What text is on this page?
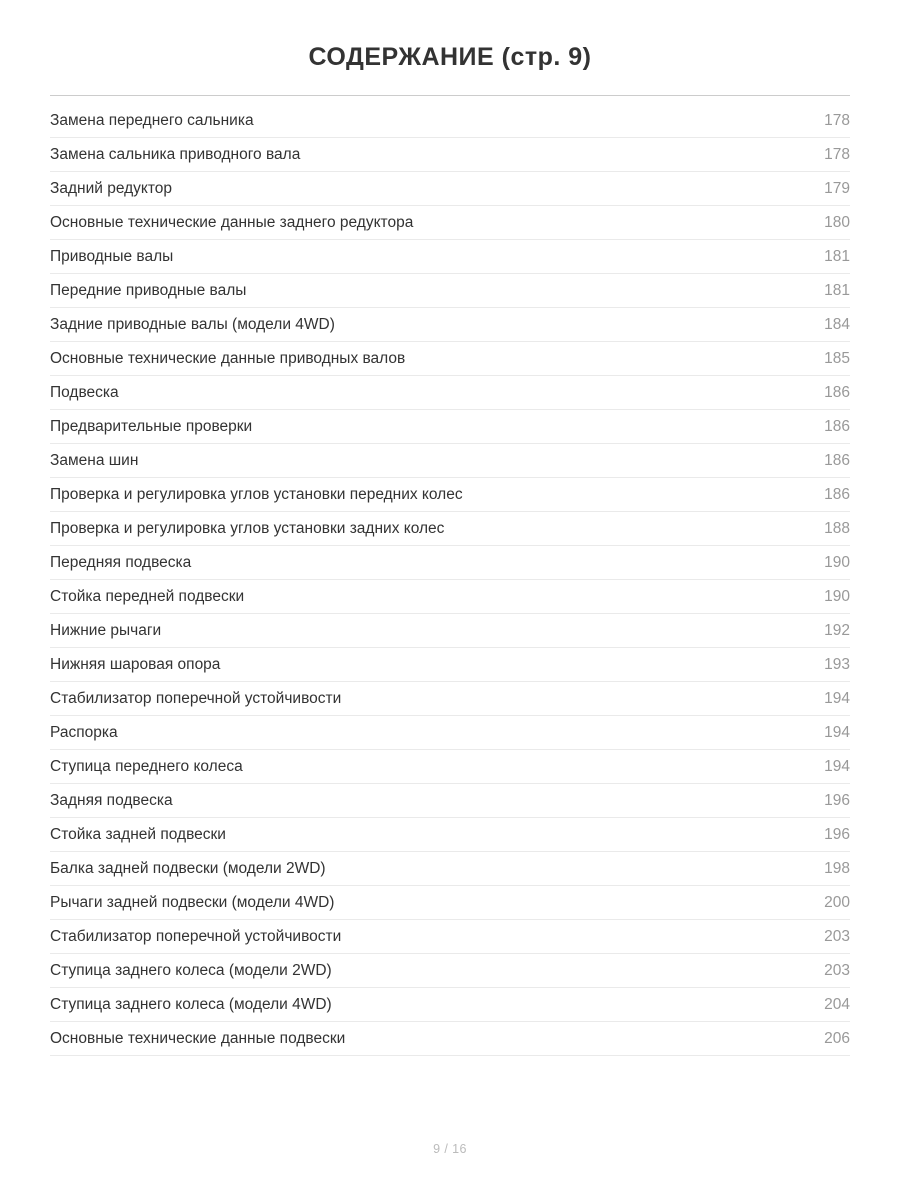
СОДЕРЖАНИЕ (стр. 9)
Замена переднего сальника	178
Замена сальника приводного вала	178
Задний редуктор	179
Основные технические данные заднего редуктора	180
Приводные валы	181
Передние приводные валы	181
Задние приводные валы (модели 4WD)	184
Основные технические данные приводных валов	185
Подвеска	186
Предварительные проверки	186
Замена шин	186
Проверка и регулировка углов установки передних колес	186
Проверка и регулировка углов установки задних колес	188
Передняя подвеска	190
Стойка передней подвески	190
Нижние рычаги	192
Нижняя шаровая опора	193
Стабилизатор поперечной устойчивости	194
Распорка	194
Ступица переднего колеса	194
Задняя подвеска	196
Стойка задней подвески	196
Балка задней подвески (модели 2WD)	198
Рычаги задней подвески (модели 4WD)	200
Стабилизатор поперечной устойчивости	203
Ступица заднего колеса (модели 2WD)	203
Ступица заднего колеса (модели 4WD)	204
Основные технические данные подвески	206
9 / 16
